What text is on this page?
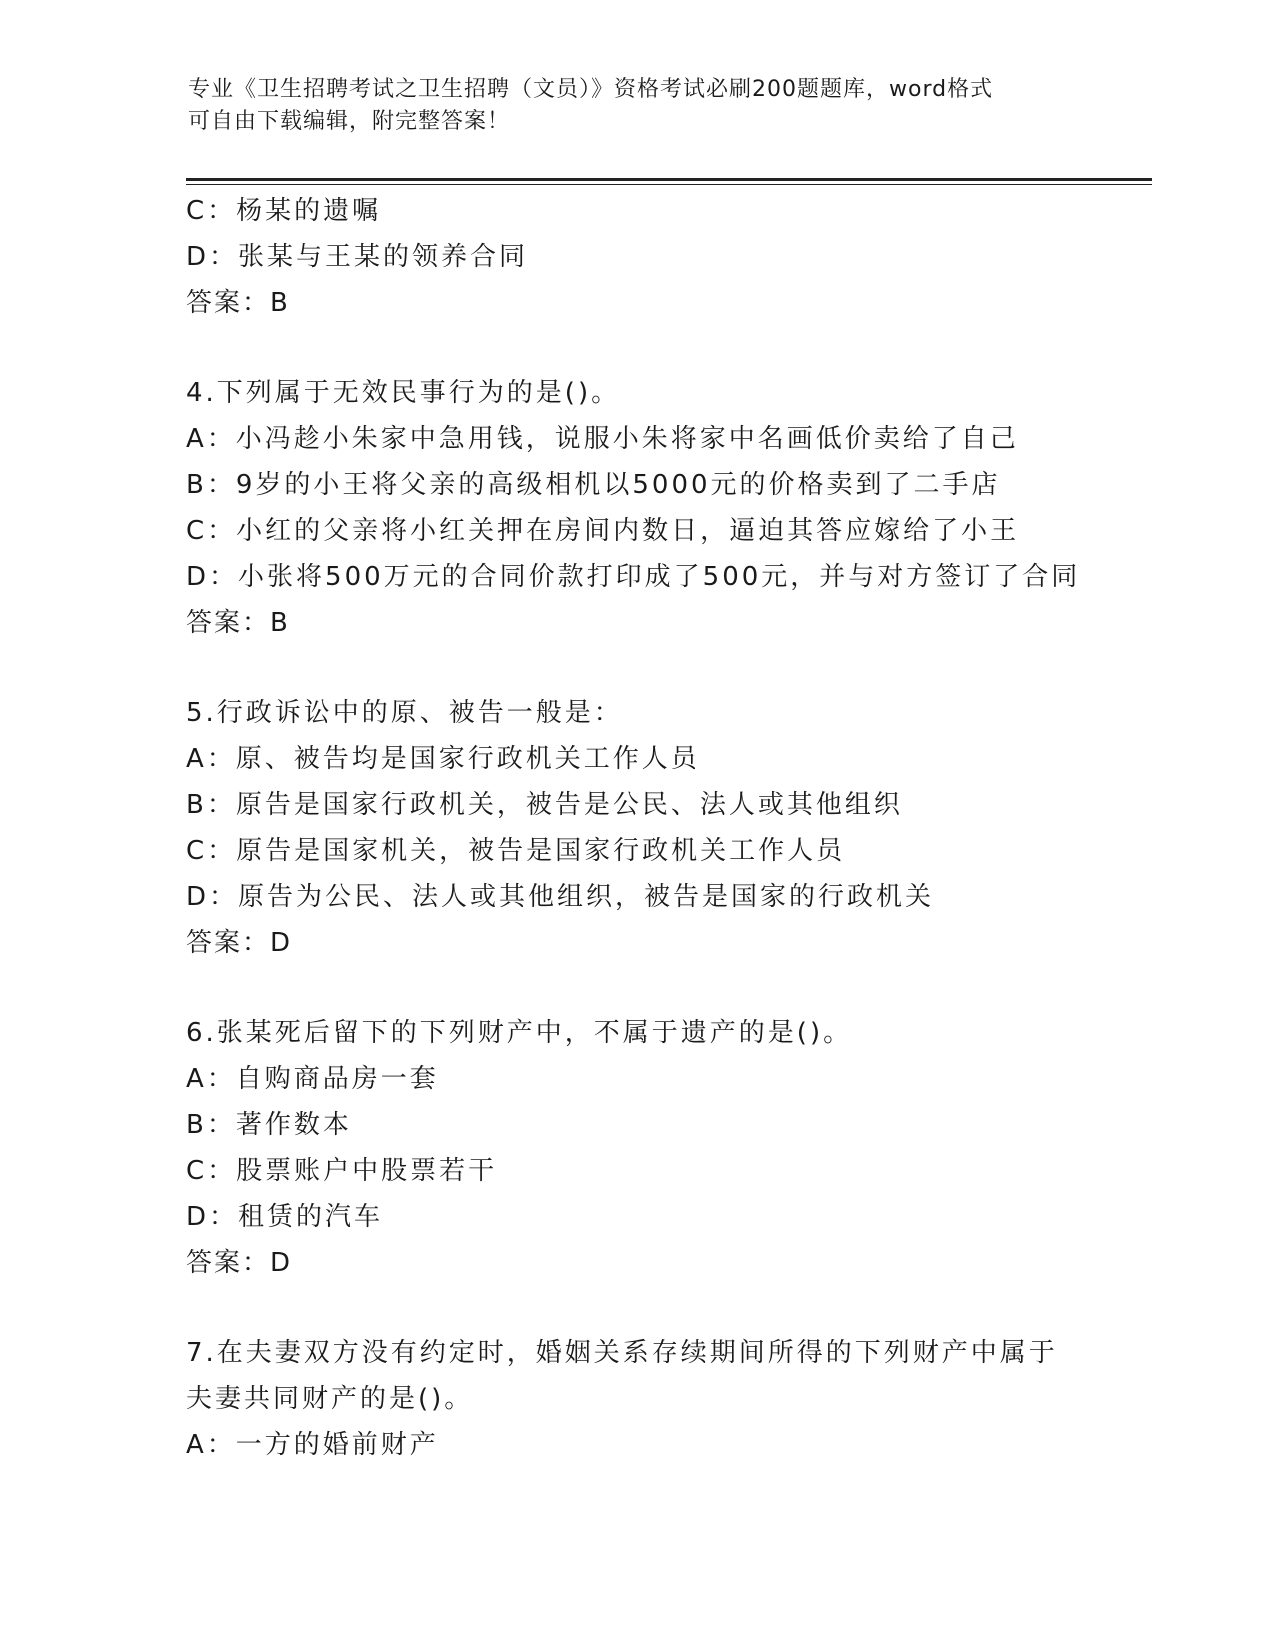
专业《卫生招聘考试之卫生招聘（文员）》资格考试必刷200题题库，word格式
可自由下载编辑，附完整答案！
C：杨某的遗嘱
D：张某与王某的领养合同
答案：B
4.下列属于无效民事行为的是()。
A：小冯趁小朱家中急用钱，说服小朱将家中名画低价卖给了自己
B：9岁的小王将父亲的高级相机以5000元的价格卖到了二手店
C：小红的父亲将小红关押在房间内数日，逼迫其答应嫁给了小王
D：小张将500万元的合同价款打印成了500元，并与对方签订了合同
答案：B
5.行政诉讼中的原、被告一般是：
A：原、被告均是国家行政机关工作人员
B：原告是国家行政机关，被告是公民、法人或其他组织
C：原告是国家机关，被告是国家行政机关工作人员
D：原告为公民、法人或其他组织，被告是国家的行政机关
答案：D
6.张某死后留下的下列财产中，不属于遗产的是()。
A：自购商品房一套
B：著作数本
C：股票账户中股票若干
D：租赁的汽车
答案：D
7.在夫妻双方没有约定时，婚姻关系存续期间所得的下列财产中属于
夫妻共同财产的是()。
A：一方的婚前财产
